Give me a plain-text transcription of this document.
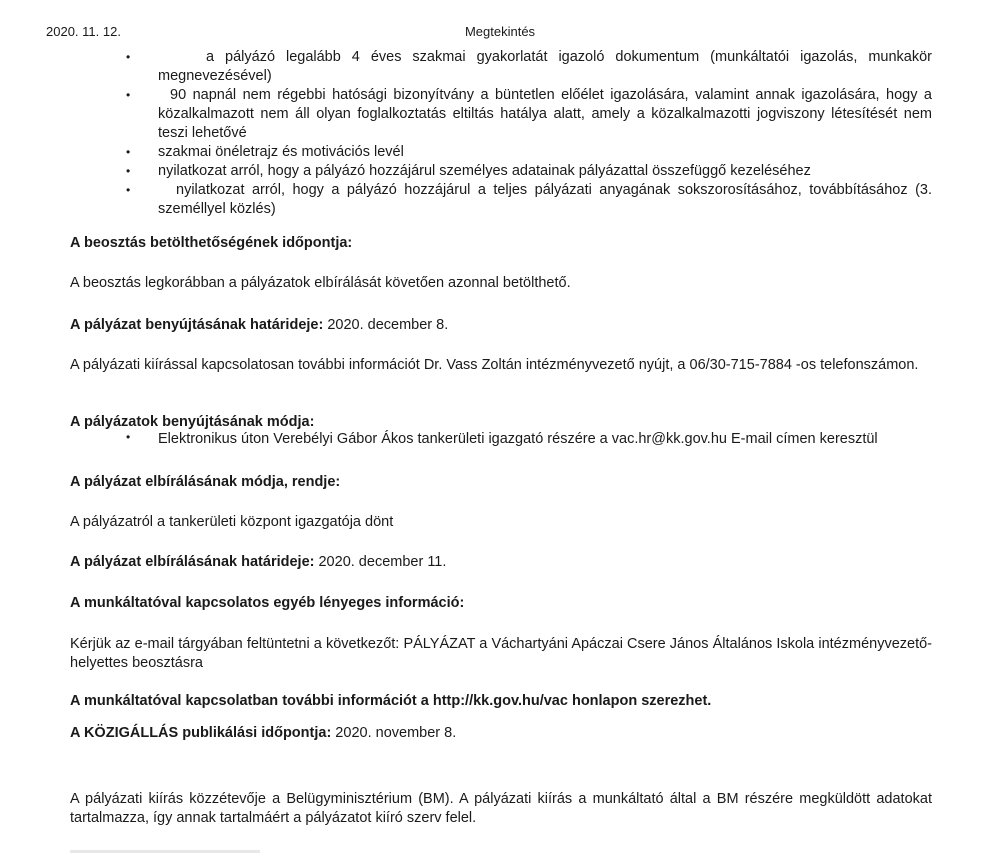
2020. 11. 12.	Megtekintés
•	a pályázó legalább 4 éves szakmai gyakorlatát igazoló dokumentum (munkáltatói igazolás, munkakör megnevezésével)
•	90 napnál nem régebbi hatósági bizonyítvány a büntetlen előélet igazolására, valamint annak igazolására, hogy a közalkalmazott nem áll olyan foglalkoztatás eltiltás hatálya alatt, amely a közalkalmazotti jogviszony létesítését nem teszi lehetővé
• szakmai önéletrajz és motivációs levél
• nyilatkozat arról, hogy a pályázó hozzájárul személyes adatainak pályázattal összefüggő kezeléséhez
•	nyilatkozat arról, hogy a pályázó hozzájárul a teljes pályázati anyagának sokszorosításához, továbbításához (3. személlyel közlés)
A beosztás betölthetőségének időpontja:
A beosztás legkorábban a pályázatok elbírálását követően azonnal betölthető.
A pályázat benyújtásának határideje: 2020. december 8.
A pályázati kiírással kapcsolatosan további információt Dr. Vass Zoltán intézményvezető nyújt, a 06/30-715-7884 -os telefonszámon.
A pályázatok benyújtásának módja:
• Elektronikus úton Verebélyi Gábor Ákos tankerületi igazgató részére a vac.hr@kk.gov.hu E-mail címen keresztül
A pályázat elbírálásának módja, rendje:
A pályázatról a tankerületi központ igazgatója dönt
A pályázat elbírálásának határideje: 2020. december 11.
A munkáltatóval kapcsolatos egyéb lényeges információ:
Kérjük az e-mail tárgyában feltüntetni a következőt: PÁLYÁZAT a Váchartyáni Apáczai Csere János Általános Iskola intézményvezető-helyettes beosztásra
A munkáltatóval kapcsolatban további információt a http://kk.gov.hu/vac honlapon szerezhet.
A KÖZIGÁLLÁS publikálási időpontja: 2020. november 8.
A pályázati kiírás közzétevője a Belügyminisztérium (BM). A pályázati kiírás a munkáltató által a BM részére megküldött adatokat tartalmazza, így annak tartalmáért a pályázatot kiíró szerv felel.
